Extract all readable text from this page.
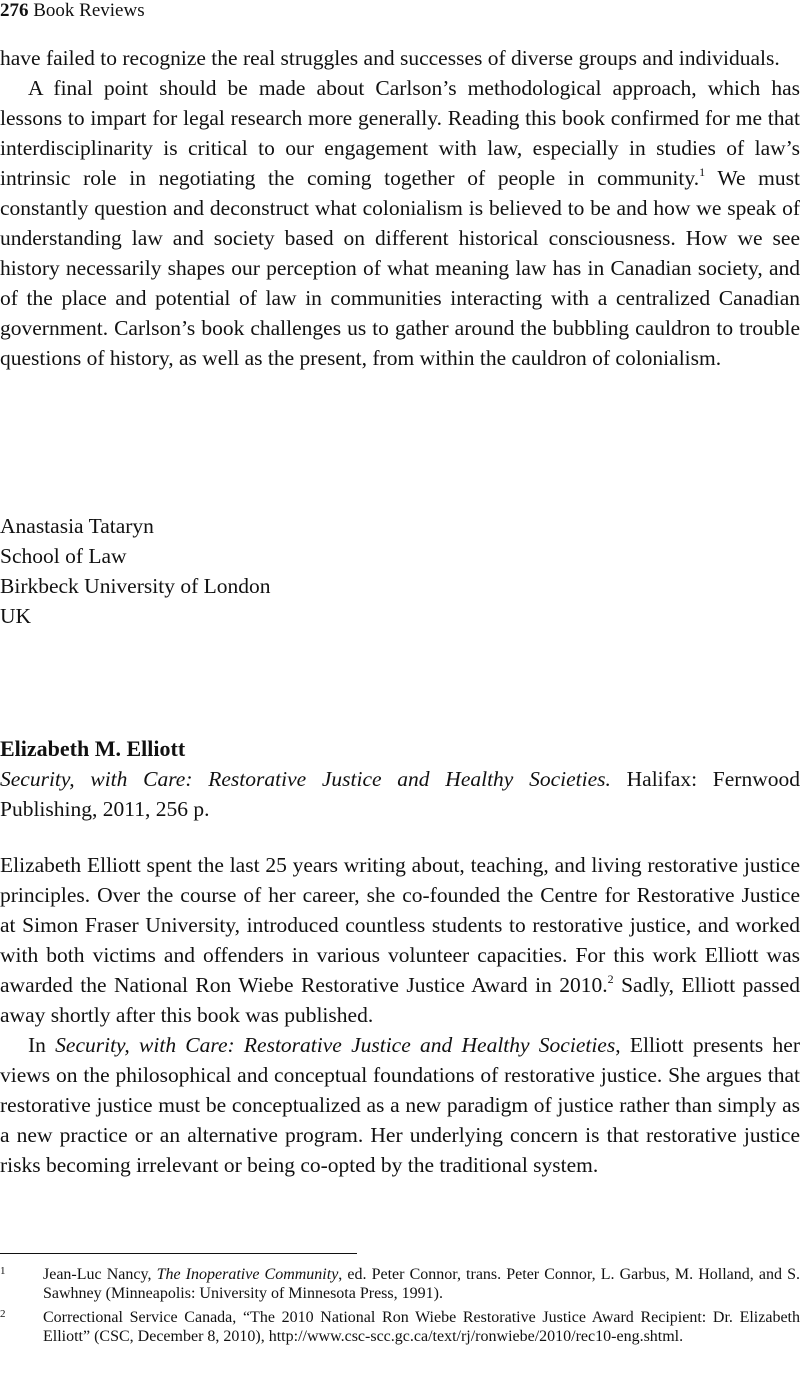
276 Book Reviews

have failed to recognize the real struggles and successes of diverse groups and individuals.

A final point should be made about Carlson’s methodological approach, which has lessons to impart for legal research more generally. Reading this book confirmed for me that interdisciplinarity is critical to our engagement with law, especially in studies of law’s intrinsic role in negotiating the coming together of people in community.$^1$ We must constantly question and deconstruct what colonialism is believed to be and how we speak of understanding law and society based on different historical consciousness. How we see history necessarily shapes our perception of what meaning law has in Canadian society, and of the place and potential of law in communities interacting with a centralized Canadian government. Carlson’s book challenges us to gather around the bubbling cauldron to trouble questions of history, as well as the present, from within the cauldron of colonialism.

Anastasia Tataryn
School of Law
Birkbeck University of London
UK
Elizabeth M. Elliott
Security, with Care: Restorative Justice and Healthy Societies. Halifax: Fernwood Publishing, 2011, 256 p.

Elizabeth Elliott spent the last 25 years writing about, teaching, and living restorative justice principles. Over the course of her career, she co-founded the Centre for Restorative Justice at Simon Fraser University, introduced countless students to restorative justice, and worked with both victims and offenders in various volunteer capacities. For this work Elliott was awarded the National Ron Wiebe Restorative Justice Award in 2010.$^2$ Sadly, Elliott passed away shortly after this book was published.

In Security, with Care: Restorative Justice and Healthy Societies, Elliott presents her views on the philosophical and conceptual foundations of restorative justice. She argues that restorative justice must be conceptualized as a new paradigm of justice rather than simply as a new practice or an alternative program. Her underlying concern is that restorative justice risks becoming irrelevant or being co-opted by the traditional system.

1 Jean-Luc Nancy, The Inoperative Community, ed. Peter Connor, trans. Peter Connor, L. Garbus, M. Holland, and S. Sawhney (Minneapolis: University of Minnesota Press, 1991).
2 Correctional Service Canada, “The 2010 National Ron Wiebe Restorative Justice Award Recipient: Dr. Elizabeth Elliott” (CSC, December 8, 2010), http://www.csc-scc.gc.ca/text/rj/ronwiebe/2010/rec10-eng.shtml.
